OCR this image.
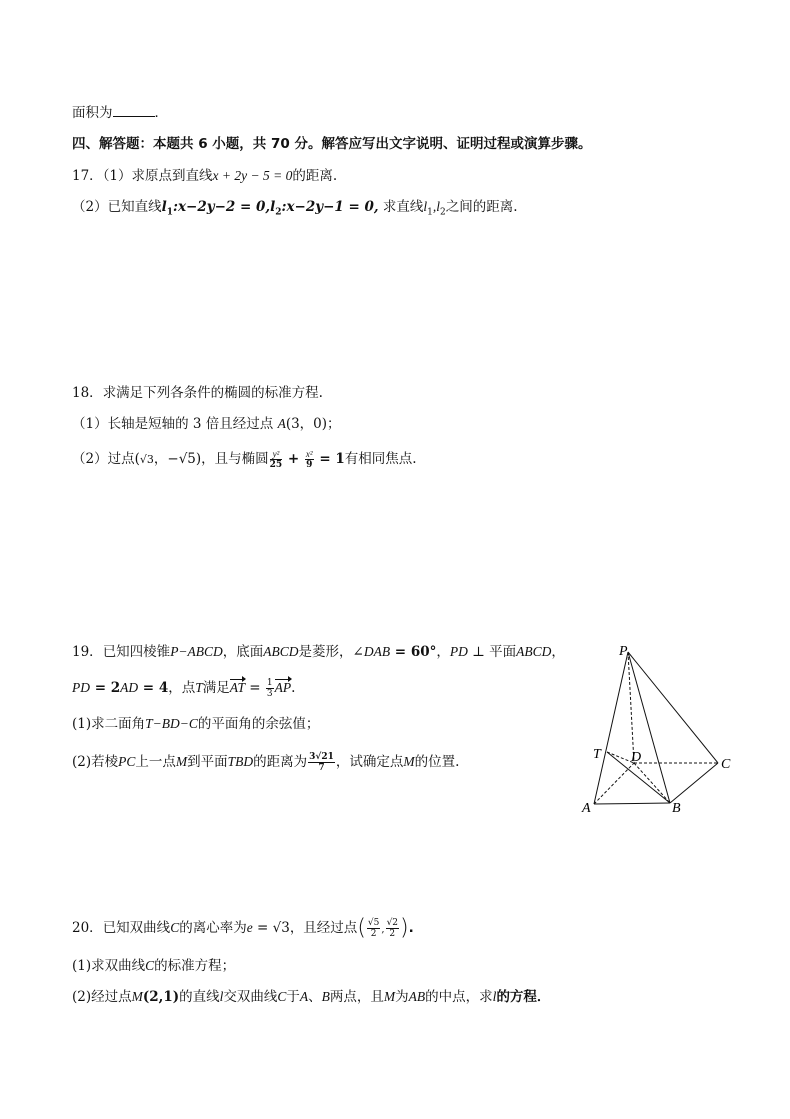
面积为	．
四、解答题：本题共 6 小题，共 70 分。解答应写出文字说明、证明过程或演算步骤。
17．（1）求原点到直线x + 2y − 5 = 0的距离.
（2）已知直线$l_1:x-2y-2$ = $0,l_2:x-2y-1 = 0$, 求直线$l_1,l_2$之间的距离.
18．求满足下列各条件的椭圆的标准方程.
（1）长轴是短轴的 3 倍且经过点 A(3，0)；
（2）过点(√3，−√5)，且与椭圆 $\frac{\text{y²}}{25} + \frac{\text{x²}}{9} = 1$有相同焦点.
19．已知四棱锥P−ABCD，底面ABCD是菱形，∠DAB = 60°，PD ⊥ 平面ABCD，
PD = 2AD = 4，点T满足AT = $\frac{1}{3}$ AP.
(1)求二面角T−BD−C的平面角的余弦值；
(2)若棱PC上一点M到平面TBD的距离为 $\frac{3√21}{7}$ ，试确定点M的位置.
P
T D	C
A	B
20．已知双曲线C的离心率为e = √3，且经过点( $\frac{√5}{2}$ , $\frac{√2}{2}$ ).
(1)求双曲线C的标准方程；
(2)经过点M(2,1)的直线l交双曲线C于A、B两点，且M为AB的中点，求l的方程．
